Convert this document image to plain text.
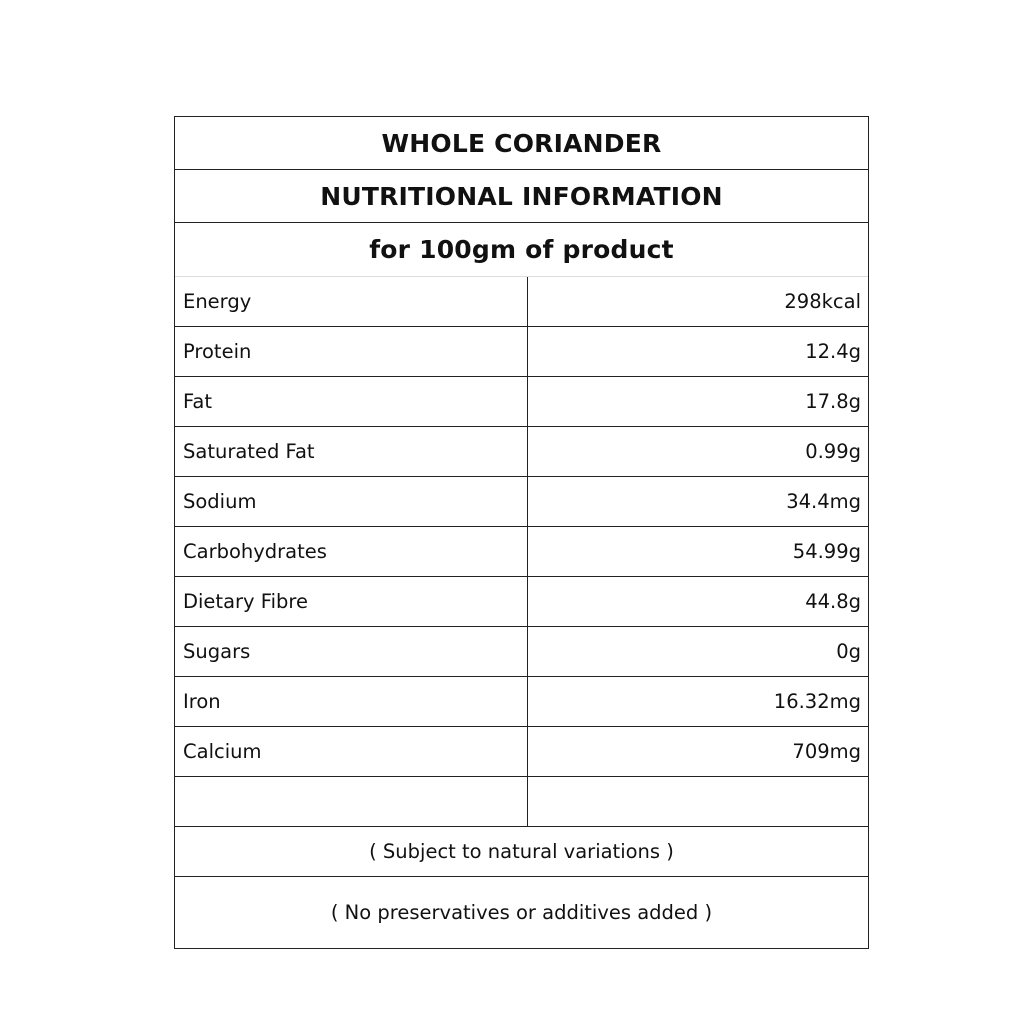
WHOLE CORIANDER
NUTRITIONAL INFORMATION
for 100gm of product
Energy	298kcal
Protein	12.4g
Fat	17.8g
Saturated Fat	0.99g
Sodium	34.4mg
Carbohydrates	54.99g
Dietary Fibre	44.8g
Sugars	0g
Iron	16.32mg
Calcium	709mg
( Subject to natural variations )
( No preservatives or additives added )
